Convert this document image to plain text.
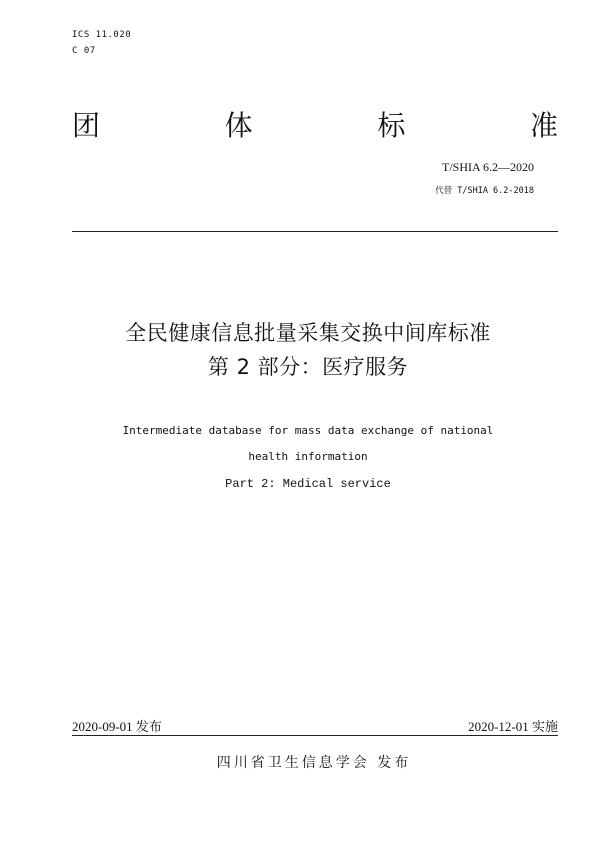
ICS 11.020
C 07
团	体	标	准
T/SHIA 6.2—2020
代替 T/SHIA 6.2-2018
全民健康信息批量采集交换中间库标准
第 2 部分：医疗服务
Intermediate database for mass data exchange of national
health information
Part 2: Medical service
2020-09-01 发布	2020-12-01 实施
四川省卫生信息学会 发布
